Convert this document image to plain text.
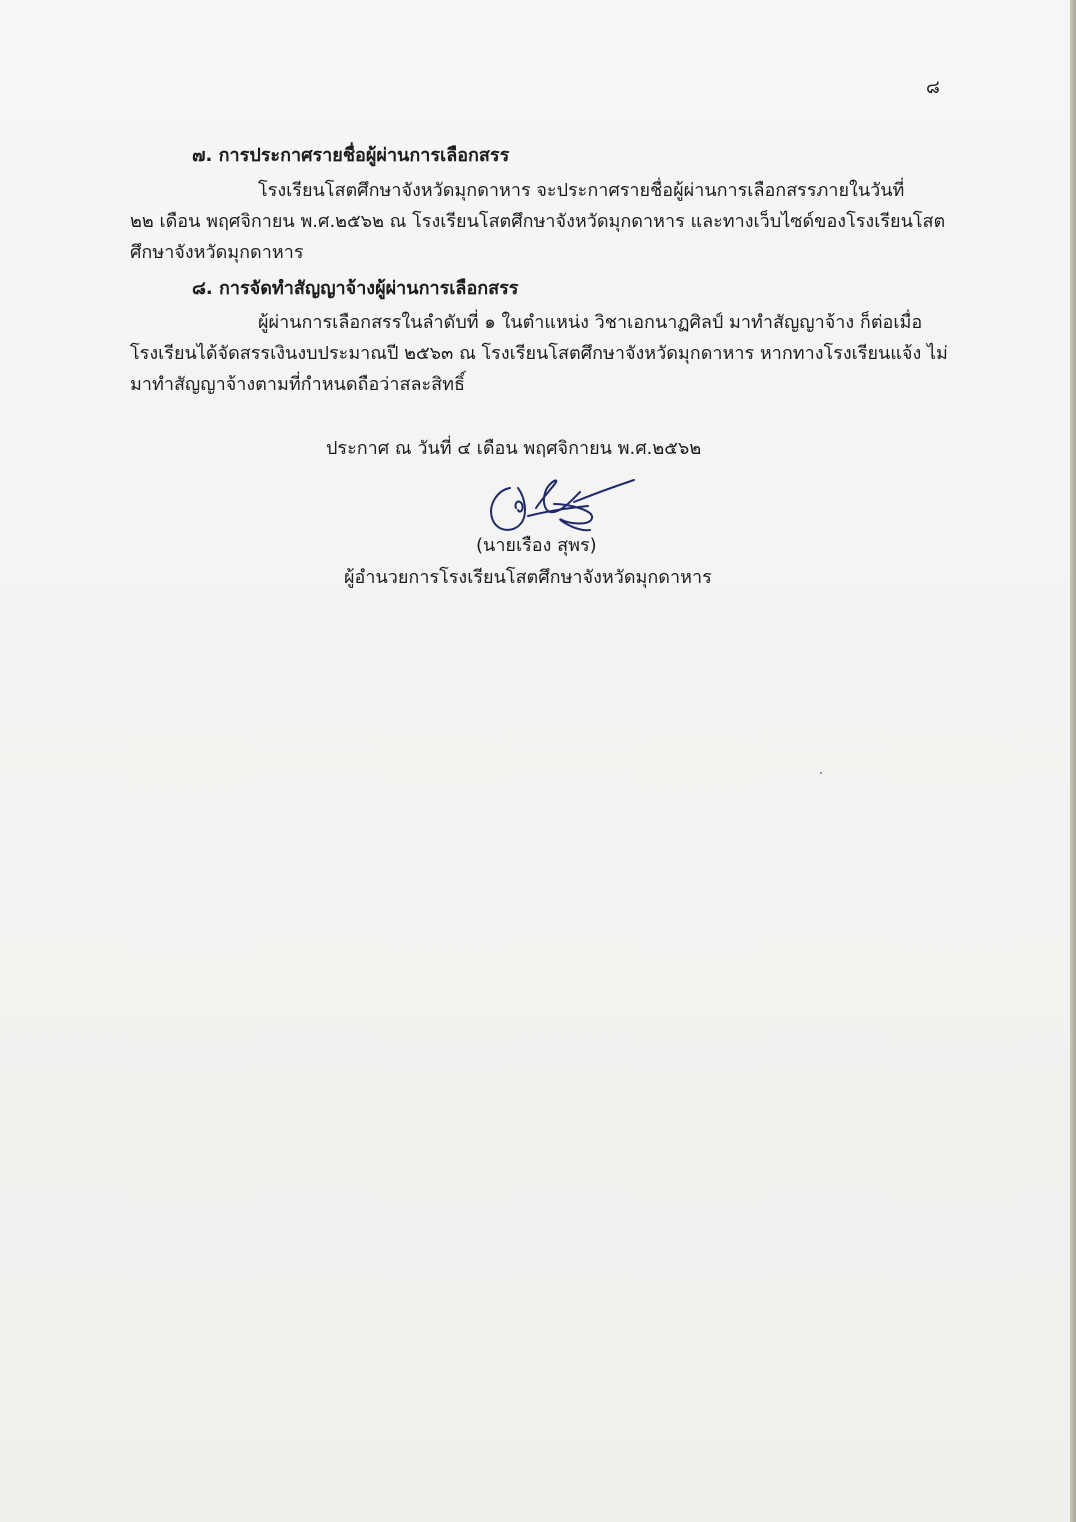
๘
๗. การประกาศรายชื่อผู้ผ่านการเลือกสรร
โรงเรียนโสตศึกษาจังหวัดมุกดาหาร จะประกาศรายชื่อผู้ผ่านการเลือกสรรภายในวันที่
๒๒ เดือน พฤศจิกายน พ.ศ.๒๕๖๒ ณ โรงเรียนโสตศึกษาจังหวัดมุกดาหาร และทางเว็บไซด์ของโรงเรียนโสต
ศึกษาจังหวัดมุกดาหาร
๘. การจัดทำสัญญาจ้างผู้ผ่านการเลือกสรร
ผู้ผ่านการเลือกสรรในลำดับที่ ๑ ในตำแหน่ง วิชาเอกนาฏศิลป์ มาทำสัญญาจ้าง ก็ต่อเมื่อ
โรงเรียนได้จัดสรรเงินงบประมาณปี ๒๕๖๓ ณ โรงเรียนโสตศึกษาจังหวัดมุกดาหาร หากทางโรงเรียนแจ้ง ไม่
มาทำสัญญาจ้างตามที่กำหนดถือว่าสละสิทธิ์
ประกาศ ณ วันที่ ๔ เดือน พฤศจิกายน พ.ศ.๒๕๖๒
(นายเรือง สุพร)
ผู้อำนวยการโรงเรียนโสตศึกษาจังหวัดมุกดาหาร
